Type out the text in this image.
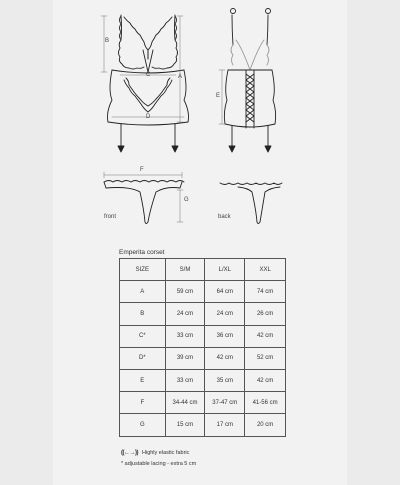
B
A
C
D
E
F
G
front	back
Emperita corset
SIZE	S/M	L/XL	XXL
A	59 cm	64 cm	74 cm
B	24 cm	24 cm	26 cm
C*	33 cm	36 cm	42 cm
D*	39 cm	42 cm	52 cm
E	33 cm	35 cm	42 cm
F	34-44 cm	37-47 cm	41-56 cm
G	15 cm	17 cm	20 cm
((←→)) Highly elastic fabric
* adjustable lacing - extra 5 cm
